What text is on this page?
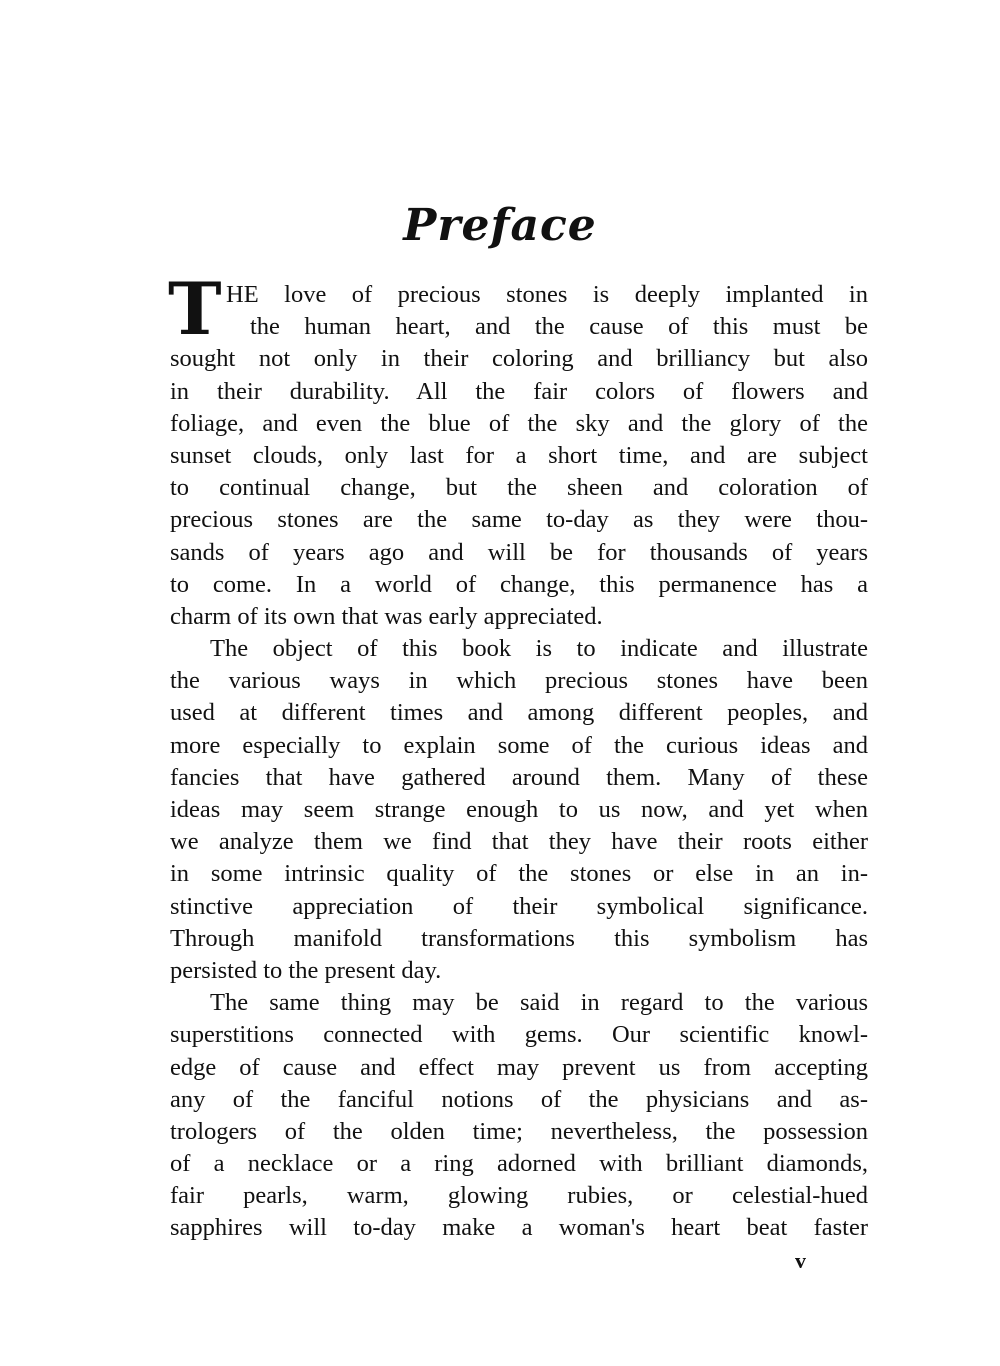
Preface
T HE love of precious stones is deeply implanted in
the human heart, and the cause of this must be
sought not only in their coloring and brilliancy but also
in their durability. All the fair colors of flowers and
foliage, and even the blue of the sky and the glory of the
sunset clouds, only last for a short time, and are subject
to continual change, but the sheen and coloration of
precious stones are the same to-day as they were thou-
sands of years ago and will be for thousands of years
to come. In a world of change, this permanence has a
charm of its own that was early appreciated.
The object of this book is to indicate and illustrate
the various ways in which precious stones have been
used at different times and among different peoples, and
more especially to explain some of the curious ideas and
fancies that have gathered around them. Many of these
ideas may seem strange enough to us now, and yet when
we analyze them we find that they have their roots either
in some intrinsic quality of the stones or else in an in-
stinctive appreciation of their symbolical significance.
Through manifold transformations this symbolism has
persisted to the present day.
The same thing may be said in regard to the various
superstitions connected with gems. Our scientific knowl-
edge of cause and effect may prevent us from accepting
any of the fanciful notions of the physicians and as-
trologers of the olden time; nevertheless, the possession
of a necklace or a ring adorned with brilliant diamonds,
fair pearls, warm, glowing rubies, or celestial-hued
sapphires will to-day make a woman's heart beat faster
v
